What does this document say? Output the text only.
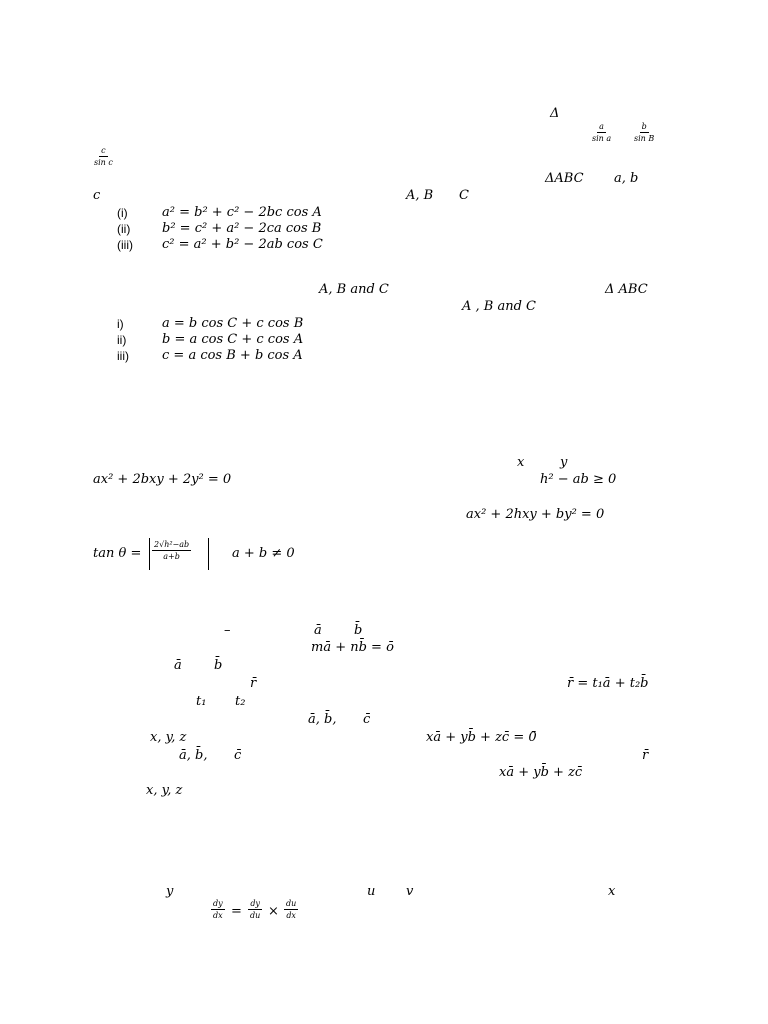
Δ
$\frac{a}{\text{sin a}} \frac{b}{\text{sin B}}$
$\frac{c}{\text{sin c}}$
ΔABC a, b
c	A, B C
(i)	a² = b² + c² − 2bc cos A
(ii) b² = c² + a² − 2ca cos B
(iii) c² = a² + b² − 2ab cos C
A, B and C	Δ ABC
A , B and C
i)	a = b cos C + c cos B
ii)	b = a cos C + c cos A
iii)	c = a cos B + b cos A
x	y
ax² + 2bxy + 2y² = 0	h² − ab ≥ 0
ax² + 2hxy + by² = 0
$\tan \theta = \frac{\text{2√h²−ab}}{a+b}$	a + b ≠ 0
–	ā b̄
mā + nb̄ = ō
ā b̄
r̄	r̄ = t₁ā + t₂b̄
t₁ t₂
ā, b̄, c̄
x, y, z	xā + yb̄ + zc̄ = 0̄
ā, b̄, c̄	r̄
xā + yb̄ + zc̄
x, y, z
y	u v	x
$\frac{dy}{dx} = \frac{dy}{du} \times \frac{du}{dx}$
